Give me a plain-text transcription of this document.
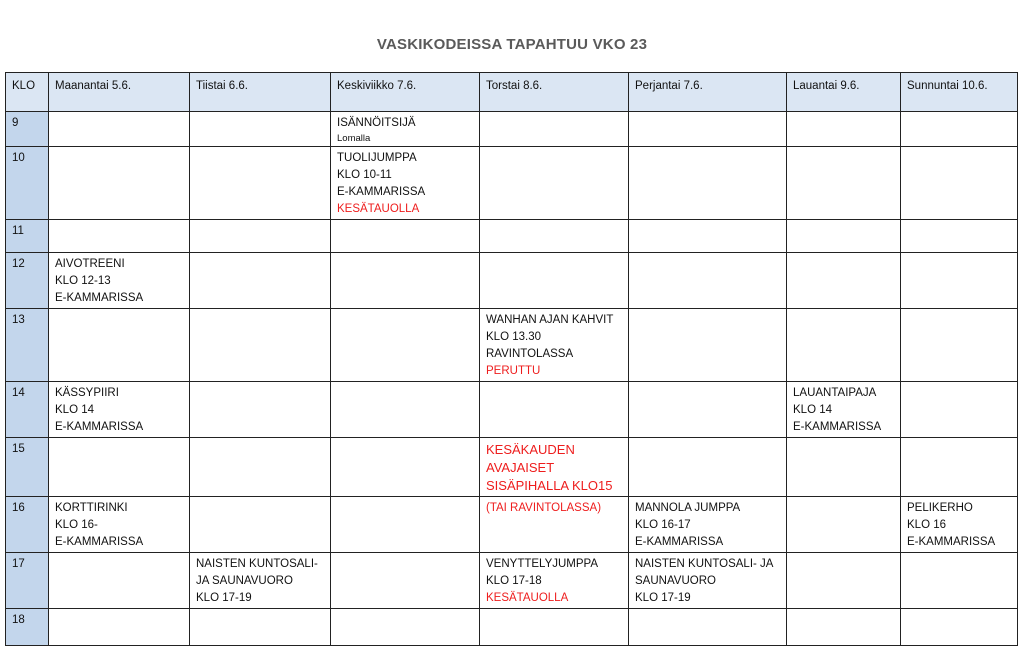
VASKIKODEISSA TAPAHTUU VKO 23
KLO	Maanantai 5.6.	Tiistai 6.6.	Keskiviikko 7.6.	Torstai 8.6.	Perjantai 7.6.	Lauantai 9.6.	Sunnuntai 10.6.
9			ISÄNNÖITSIJÄ
Lomalla				

10			TUOLIJUMPPA
KLO 10-11
E-KAMMARISSA
KESÄTAUOLLA				

11							
12	AIVOTREENI
KLO 12-13
E-KAMMARISSA						

13				WANHAN AJAN KAHVIT
KLO 13.30
RAVINTOLASSA
PERUTTU			

14	KÄSSYPIIRI
KLO 14
E-KAMMARISSA					LAUANTAIPAJA
KLO 14
E-KAMMARISSA	

15				KESÄKAUDEN
AVAJAISET
SISÄPIHALLA KLO15			

16	KORTTIRINKI
KLO 16-
E-KAMMARISSA			(TAI RAVINTOLASSA)	MANNOLA JUMPPA
KLO 16-17
E-KAMMARISSA		PELIKERHO
KLO 16
E-KAMMARISSA

17		NAISTEN KUNTOSALI-
JA SAUNAVUORO
KLO 17-19		VENYTTELYJUMPPA
KLO 17-18
KESÄTAUOLLA	NAISTEN KUNTOSALI- JA
SAUNAVUORO
KLO 17-19		

18							
